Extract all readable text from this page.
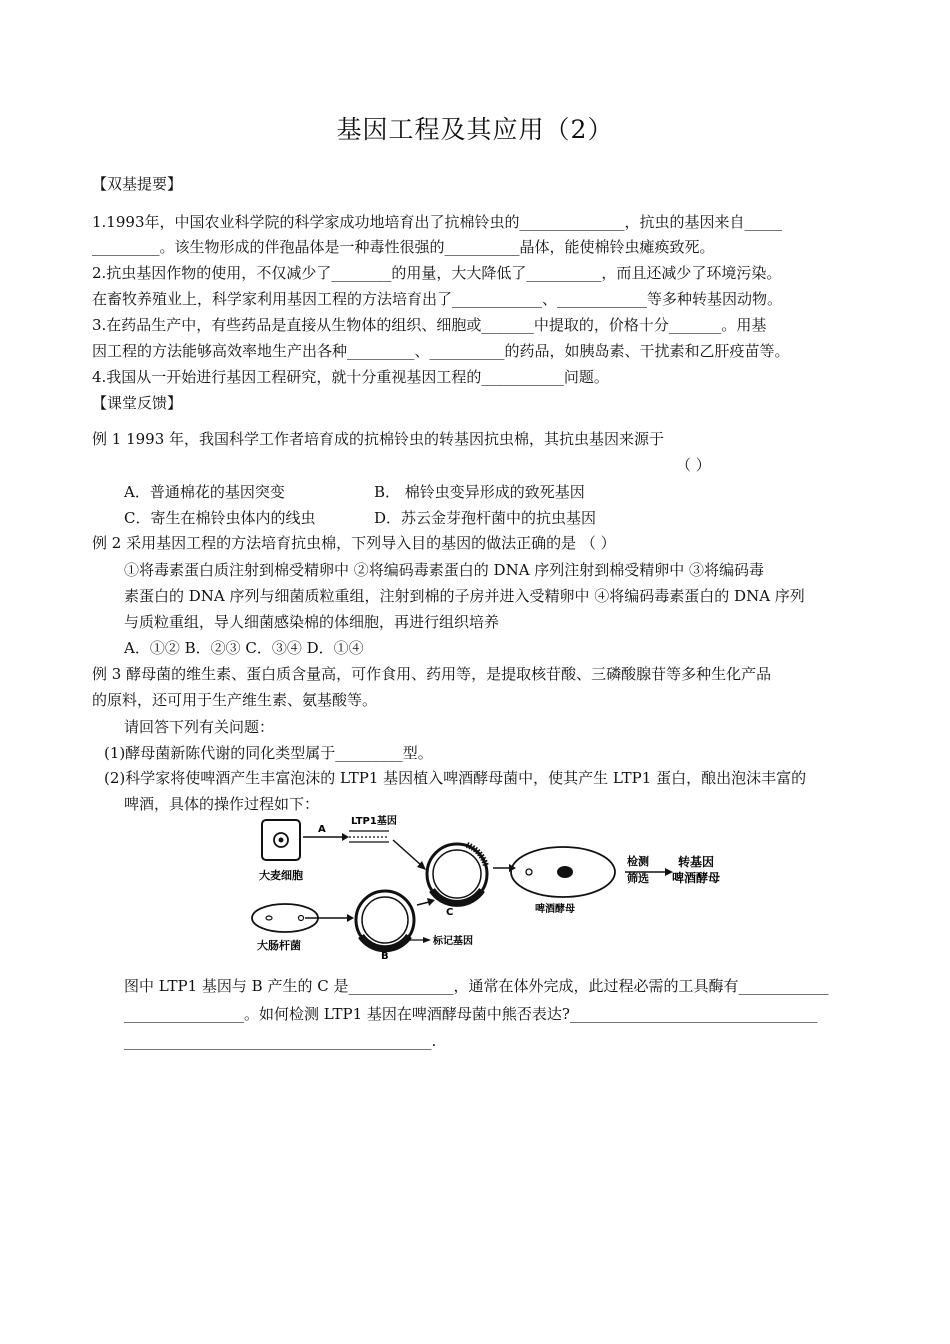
基因工程及其应用（2）
【双基提要】
1.1993年，中国农业科学院的科学家成功地培育出了抗棉铃虫的______________，抗虫的基因来自_____
_________。该生物形成的伴孢晶体是一种毒性很强的__________晶体，能使棉铃虫瘫痪致死。
2.抗虫基因作物的使用，不仅减少了________的用量，大大降低了__________，而且还减少了环境污染。
在畜牧养殖业上，科学家利用基因工程的方法培育出了____________、____________等多种转基因动物。
3.在药品生产中，有些药品是直接从生物体的组织、细胞或_______中提取的，价格十分_______。用基
因工程的方法能够高效率地生产出各种_________、__________的药品，如胰岛素、干扰素和乙肝疫苗等。
4.我国从一开始进行基因工程研究，就十分重视基因工程的___________问题。
【课堂反馈】
例 1 1993 年，我国科学工作者培育成的抗棉铃虫的转基因抗虫棉，其抗虫基因来源于
（ ）
A．普通棉花的基因突变	B． 棉铃虫变异形成的致死基因
C．寄生在棉铃虫体内的线虫	D．苏云金芽孢杆菌中的抗虫基因
例 2 采用基因工程的方法培育抗虫棉，下列导入目的基因的做法正确的是 （ ）
①将毒素蛋白质注射到棉受精卵中 ②将编码毒素蛋白的 DNA 序列注射到棉受精卵中 ③将编码毒
素蛋白的 DNA 序列与细菌质粒重组，注射到棉的子房并进入受精卵中 ④将编码毒素蛋白的 DNA 序列
与质粒重组，导人细菌感染棉的体细胞，再进行组织培养
A．①② B．②③ C．③④ D．①④
例 3 酵母菌的维生素、蛋白质含量高，可作食用、药用等，是提取核苷酸、三磷酸腺苷等多种生化产品
的原料，还可用于生产维生素、氨基酸等。
请回答下列有关问题：
(1)酵母菌新陈代谢的同化类型属于_________型。
(2)科学家将使啤酒产生丰富泡沫的 LTP1 基因植入啤酒酵母菌中，使其产生 LTP1 蛋白，酿出泡沫丰富的
啤酒，具体的操作过程如下：
大麦细胞
A
LTP1基因
C	啤酒酵母
检测
筛选
转基因
啤酒酵母
大肠杆菌
B
标记基因
图中 LTP1 基因与 B 产生的 C 是______________，通常在体外完成，此过程必需的工具酶有____________
________________。如何检测 LTP1 基因在啤酒酵母菌中熊否表达?_________________________________
_________________________________________.
